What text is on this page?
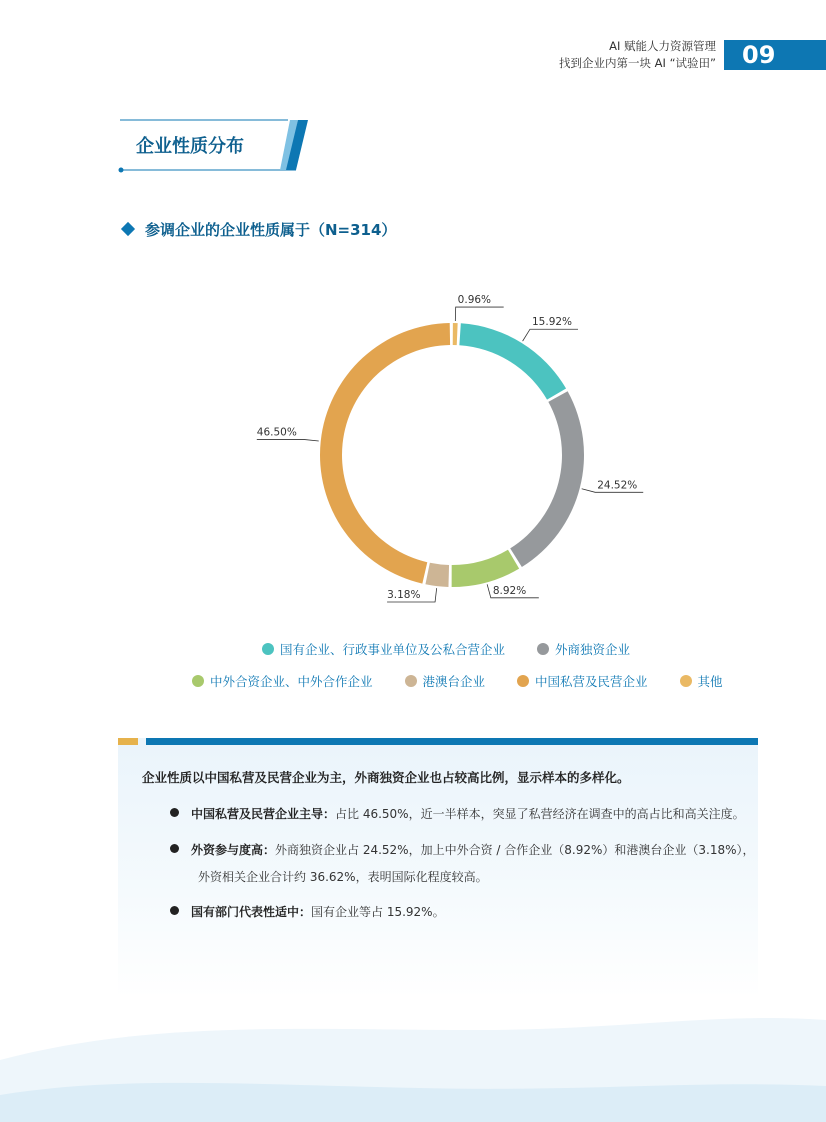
AI 赋能人力资源管理
找到企业内第一块 AI “试验田”	09
企业性质分布
参调企业的企业性质属于（N=314）
15.92%
24.52%
8.92%
3.18%
46.50%
0.96%
国有企业、行政事业单位及公私合营企业
	外商独资企业
中外合资企业、中外合作企业
	港澳台企业
	中国私营及民营企业
	其他
企业性质以中国私营及民营企业为主，外商独资企业也占较高比例，显示样本的多样化。
中国私营及民营企业主导：占比 46.50%，近一半样本，突显了私营经济在调查中的高占比和高关注度。
外资参与度高：外商独资企业占 24.52%，加上中外合资 / 合作企业（8.92%）和港澳台企业（3.18%），
外资相关企业合计约 36.62%，表明国际化程度较高。
国有部门代表性适中：国有企业等占 15.92%。
